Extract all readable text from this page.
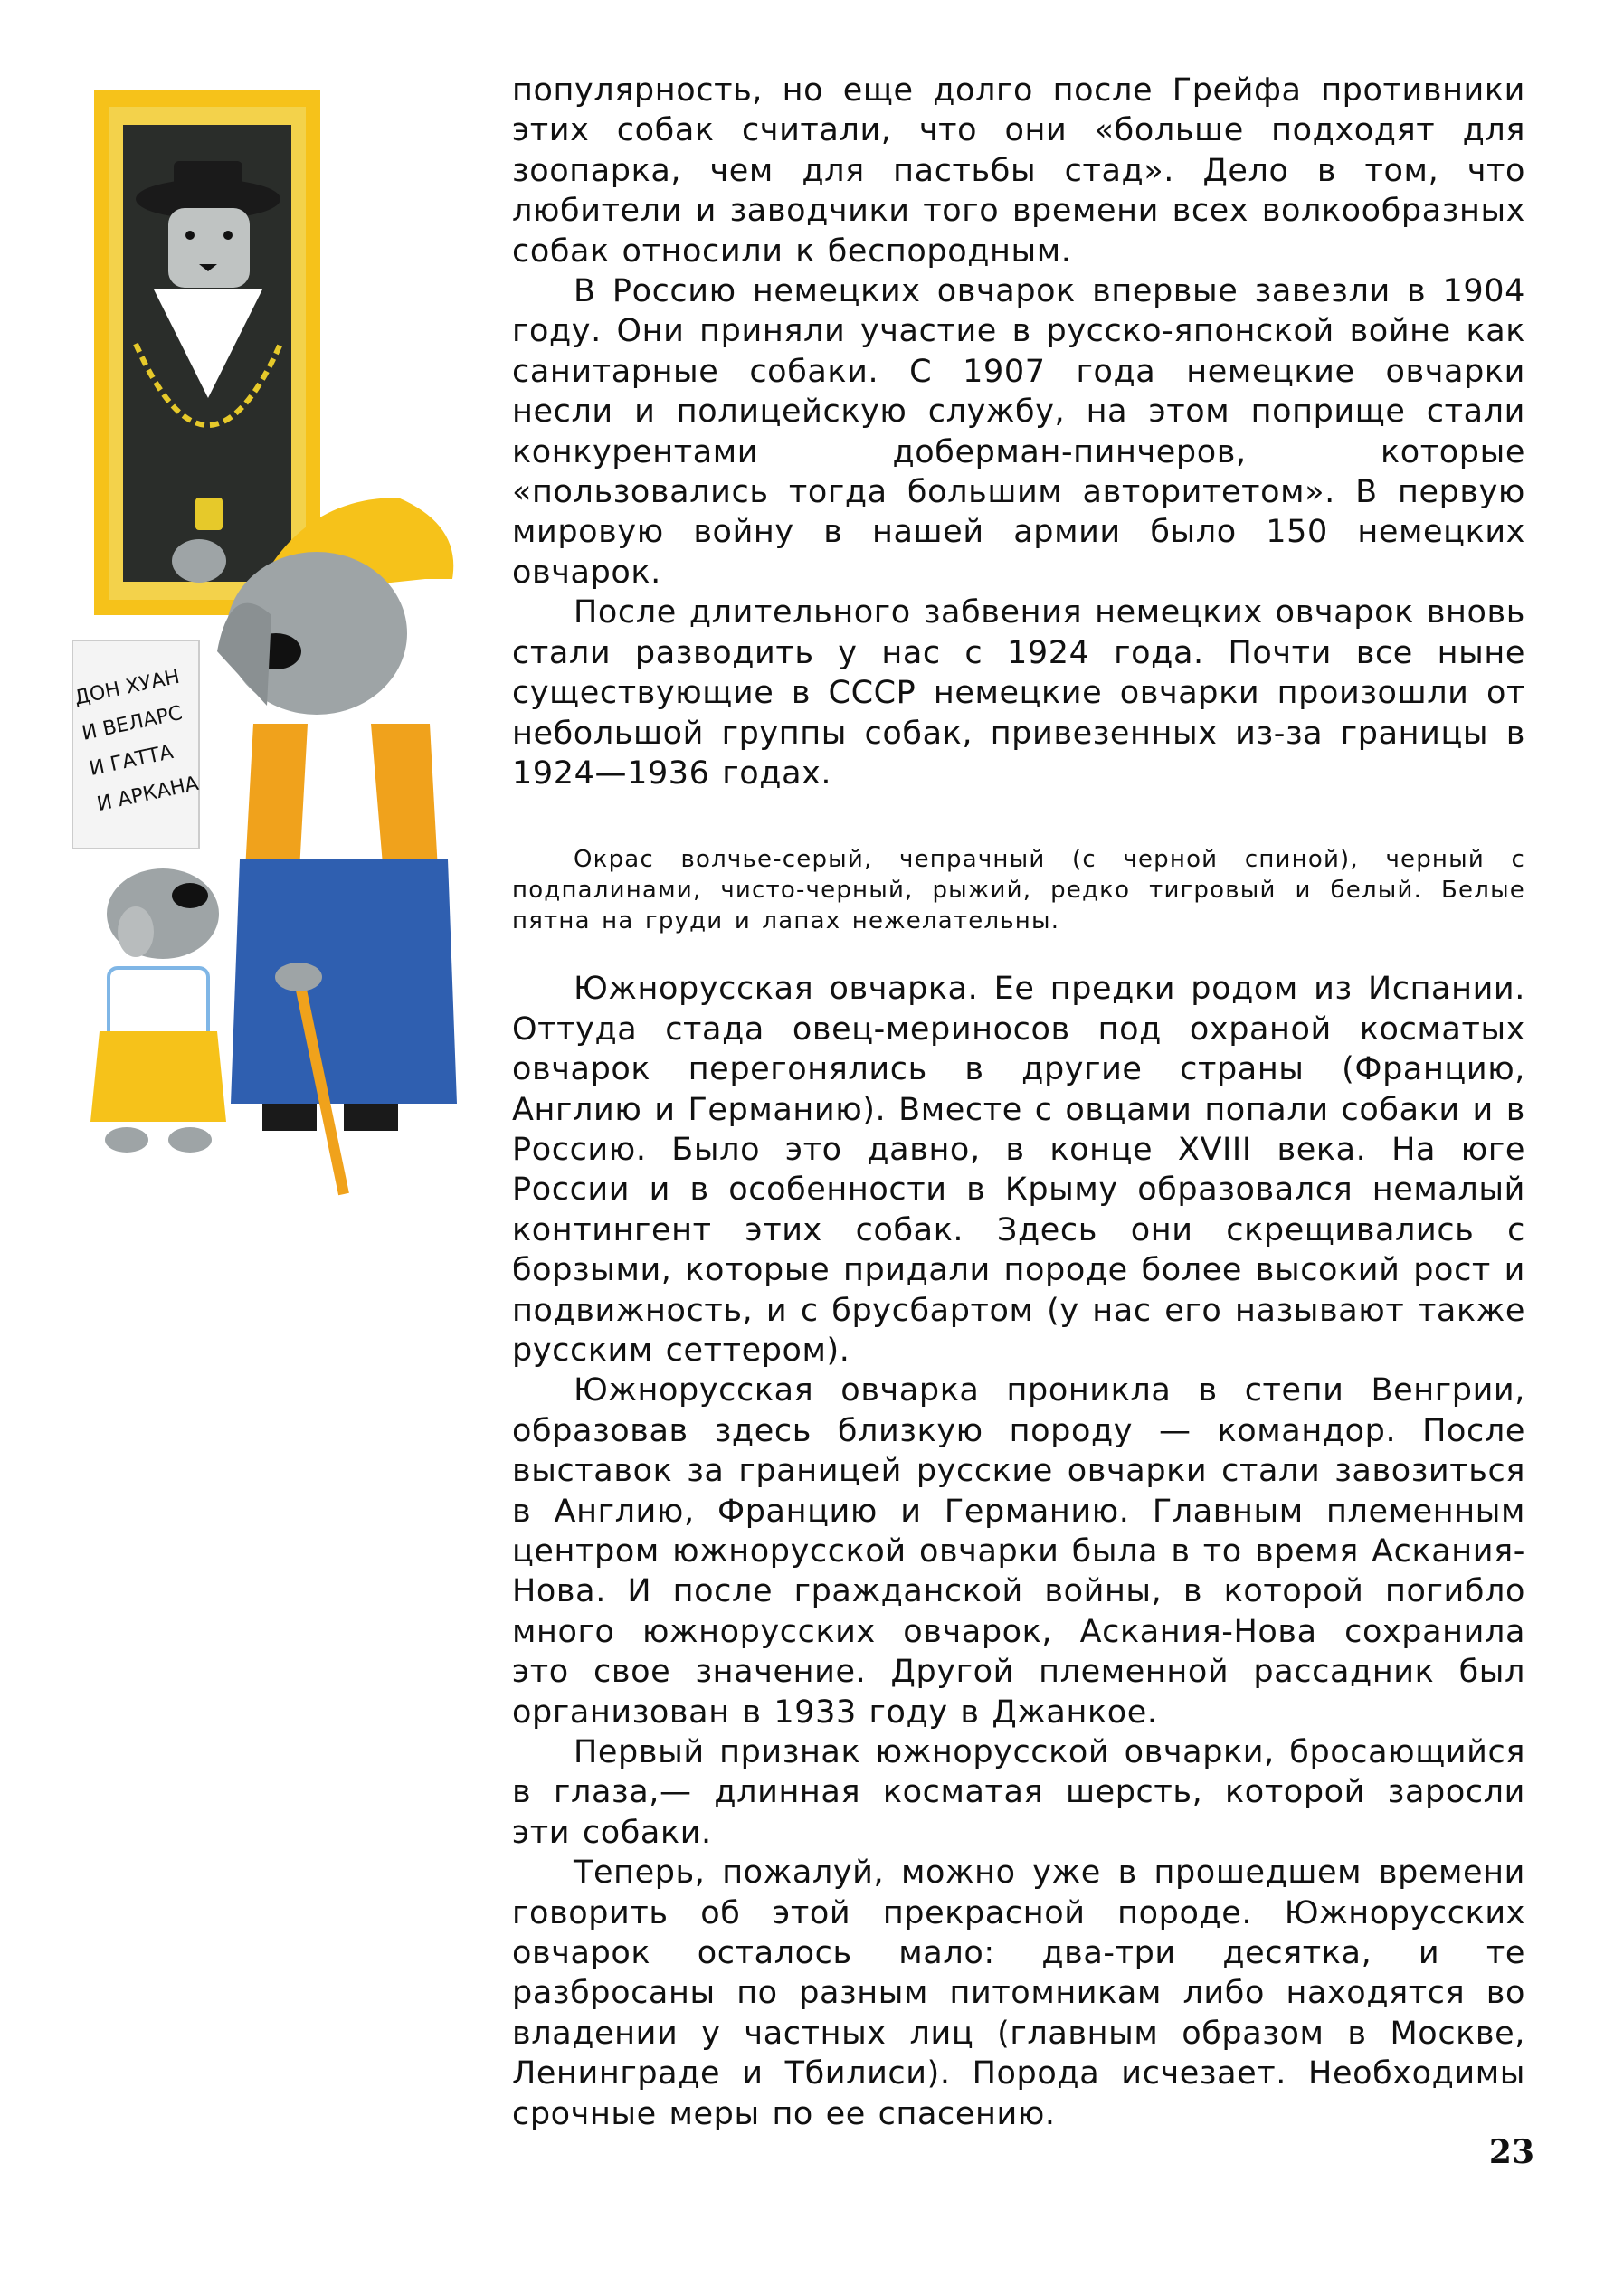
ДОН ХУАН
И ВЕЛАРС
И ГАТТА
И АРКАНА

популярность, но еще долго после Грейфа противники этих собак считали, что они «больше подходят для зоопарка, чем для пастьбы стад». Дело в том, что любители и заводчики того времени всех волкообразных собак относили к беспородным.

В Россию немецких овчарок впервые завезли в 1904 году. Они приняли участие в русско-японской войне как санитарные собаки. С 1907 года немецкие овчарки несли и полицейскую службу, на этом поприще стали конкурентами доберман-пинчеров, которые «пользовались тогда большим авторитетом». В первую мировую войну в нашей армии было 150 немецких овчарок.

После длительного забвения немецких овчарок вновь стали разводить у нас с 1924 года. Почти все ныне существующие в СССР немецкие овчарки произошли от небольшой группы собак, привезенных из-за границы в 1924—1936 годах.

Окрас волчье-серый, чепрачный (с черной спиной), черный с подпалинами, чисто-черный, рыжий, редко тигровый и белый. Белые пятна на груди и лапах нежелательны.

Южнорусская овчарка. Ее предки родом из Испании. Оттуда стада овец-мериносов под охраной косматых овчарок перегонялись в другие страны (Францию, Англию и Германию). Вместе с овцами попали собаки и в Россию. Было это давно, в конце XVIII века. На юге России и в особенности в Крыму образовался немалый контингент этих собак. Здесь они скрещивались с борзыми, которые придали породе более высокий рост и подвижность, и с брусбартом (у нас его называют также русским сеттером).

Южнорусская овчарка проникла в степи Венгрии, образовав здесь близкую породу — командор. После выставок за границей русские овчарки стали завозиться в Англию, Францию и Германию. Главным племенным центром южнорусской овчарки была в то время Аскания-Нова. И после гражданской войны, в которой погибло много южнорусских овчарок, Аскания-Нова сохранила это свое значение. Другой племенной рассадник был организован в 1933 году в Джанкое.

Первый признак южнорусской овчарки, бросающийся в глаза,— длинная косматая шерсть, которой заросли эти собаки.

Теперь, пожалуй, можно уже в прошедшем времени говорить об этой прекрасной породе. Южнорусских овчарок осталось мало: два-три десятка, и те разбросаны по разным питомникам либо находятся во владении у частных лиц (главным образом в Москве, Ленинграде и Тбилиси). Порода исчезает. Необходимы срочные меры по ее спасению.

23
